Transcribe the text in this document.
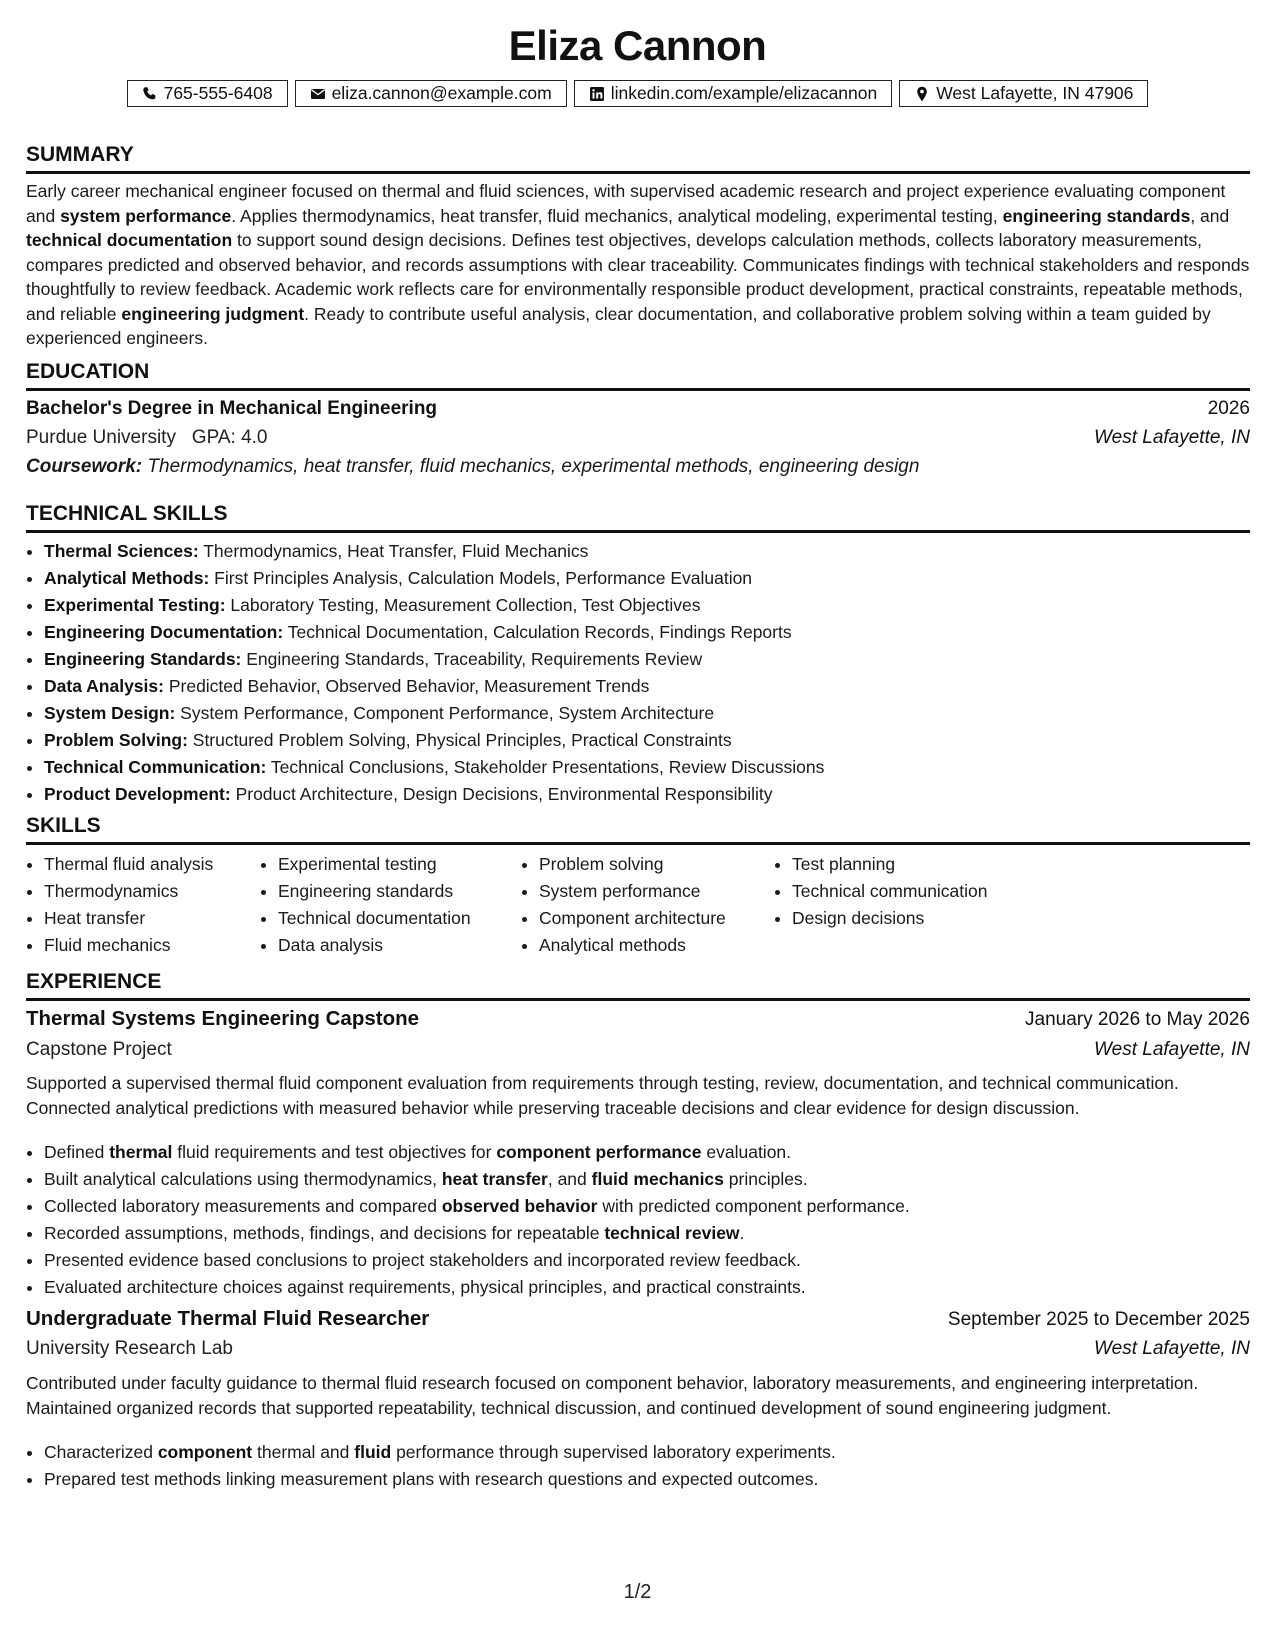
Eliza Cannon
765-555-6408	eliza.cannon@example.com	linkedin.com/example/elizacannon	West Lafayette, IN 47906
SUMMARY
Early career mechanical engineer focused on thermal and fluid sciences, with supervised academic research and project experience evaluating component and system performance. Applies thermodynamics, heat transfer, fluid mechanics, analytical modeling, experimental testing, engineering standards, and technical documentation to support sound design decisions. Defines test objectives, develops calculation methods, collects laboratory measurements, compares predicted and observed behavior, and records assumptions with clear traceability. Communicates findings with technical stakeholders and responds thoughtfully to review feedback. Academic work reflects care for environmentally responsible product development, practical constraints, repeatable methods, and reliable engineering judgment. Ready to contribute useful analysis, clear documentation, and collaborative problem solving within a team guided by experienced engineers.
EDUCATION
Bachelor's Degree in Mechanical Engineering	2026
Purdue University GPA: 4.0	West Lafayette, IN
Coursework: Thermodynamics, heat transfer, fluid mechanics, experimental methods, engineering design
TECHNICAL SKILLS
• Thermal Sciences: Thermodynamics, Heat Transfer, Fluid Mechanics
• Analytical Methods: First Principles Analysis, Calculation Models, Performance Evaluation
• Experimental Testing: Laboratory Testing, Measurement Collection, Test Objectives
• Engineering Documentation: Technical Documentation, Calculation Records, Findings Reports
• Engineering Standards: Engineering Standards, Traceability, Requirements Review
• Data Analysis: Predicted Behavior, Observed Behavior, Measurement Trends
• System Design: System Performance, Component Performance, System Architecture
• Problem Solving: Structured Problem Solving, Physical Principles, Practical Constraints
• Technical Communication: Technical Conclusions, Stakeholder Presentations, Review Discussions
• Product Development: Product Architecture, Design Decisions, Environmental Responsibility
SKILLS
• Thermal fluid analysis
• Thermodynamics
• Heat transfer
• Fluid mechanics
• Experimental testing
• Engineering standards
• Technical documentation
• Data analysis
• Problem solving
• System performance
• Component architecture
• Analytical methods
• Test planning
• Technical communication
• Design decisions
EXPERIENCE
Thermal Systems Engineering Capstone	January 2026 to May 2026
Capstone Project	West Lafayette, IN
Supported a supervised thermal fluid component evaluation from requirements through testing, review, documentation, and technical communication. Connected analytical predictions with measured behavior while preserving traceable decisions and clear evidence for design discussion.
• Defined thermal fluid requirements and test objectives for component performance evaluation.
• Built analytical calculations using thermodynamics, heat transfer, and fluid mechanics principles.
• Collected laboratory measurements and compared observed behavior with predicted component performance.
• Recorded assumptions, methods, findings, and decisions for repeatable technical review.
• Presented evidence based conclusions to project stakeholders and incorporated review feedback.
• Evaluated architecture choices against requirements, physical principles, and practical constraints.
Undergraduate Thermal Fluid Researcher	September 2025 to December 2025
University Research Lab	West Lafayette, IN
Contributed under faculty guidance to thermal fluid research focused on component behavior, laboratory measurements, and engineering interpretation. Maintained organized records that supported repeatability, technical discussion, and continued development of sound engineering judgment.
• Characterized component thermal and fluid performance through supervised laboratory experiments.
• Prepared test methods linking measurement plans with research questions and expected outcomes.
1/2
